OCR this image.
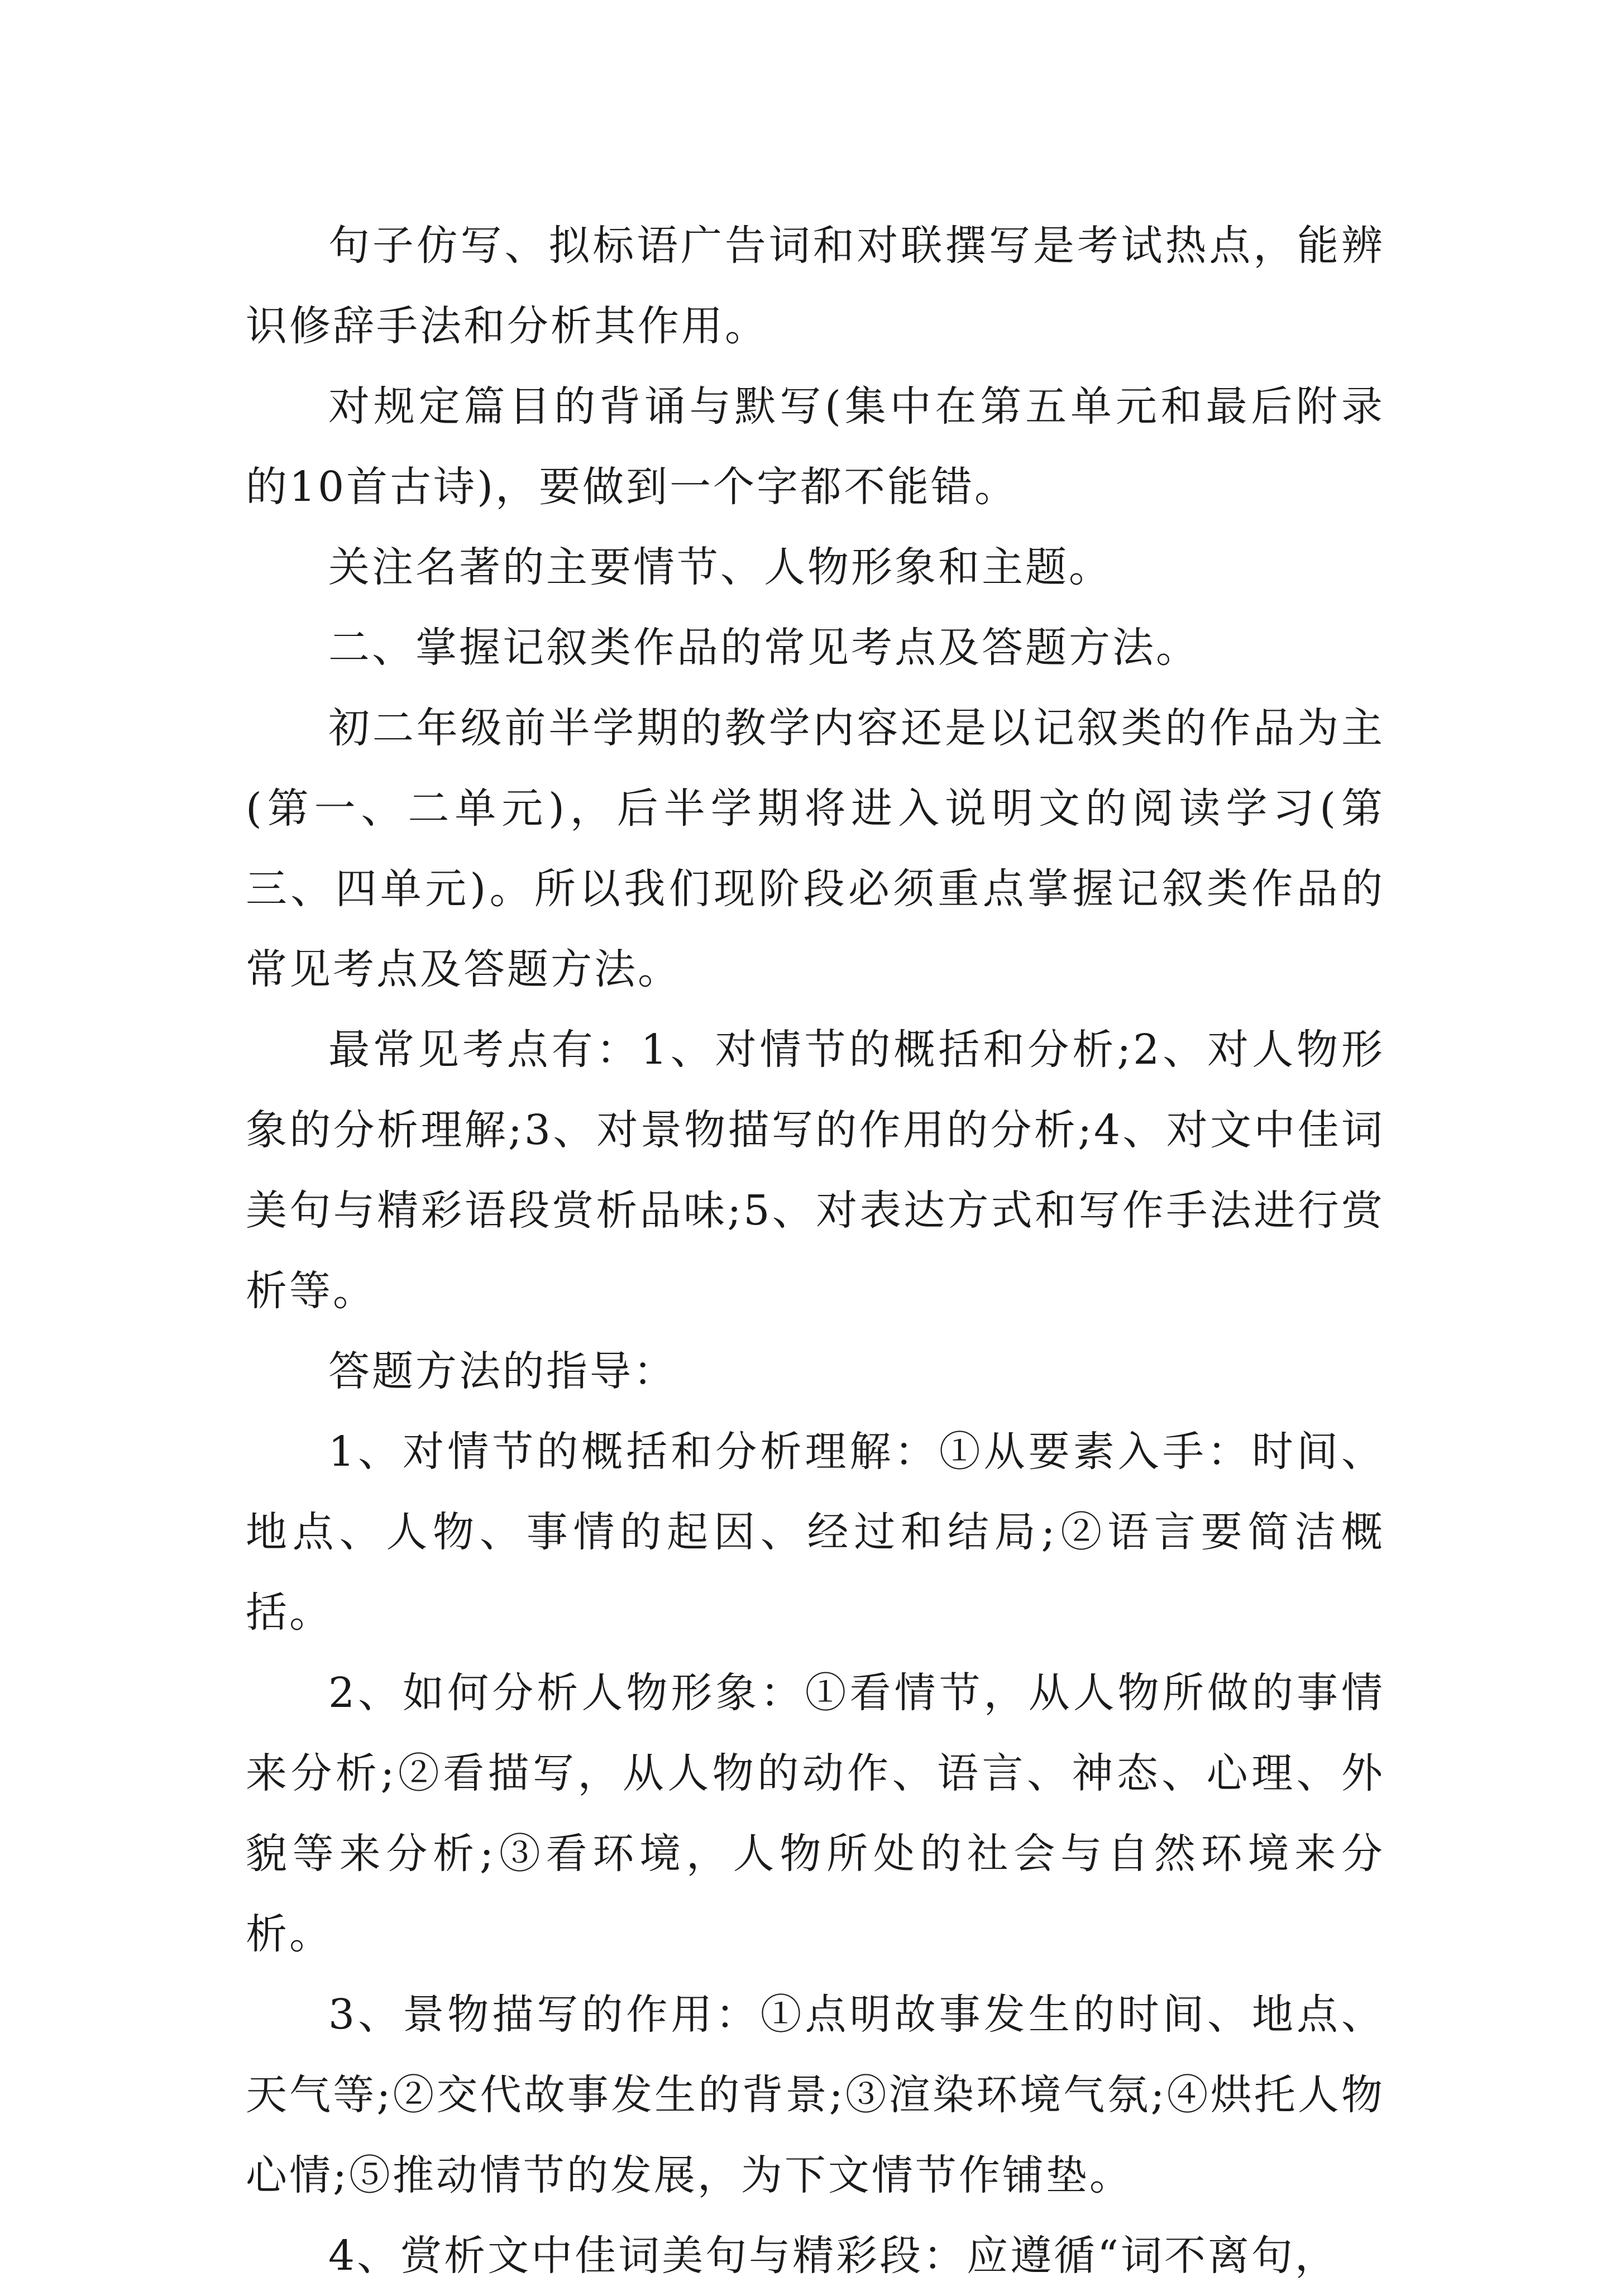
句子仿写、拟标语广告词和对联撰写是考试热点，能辨识修辞手法和分析其作用。

对规定篇目的背诵与默写(集中在第五单元和最后附录的10首古诗)，要做到一个字都不能错。

关注名著的主要情节、人物形象和主题。

二、掌握记叙类作品的常见考点及答题方法。

初二年级前半学期的教学内容还是以记叙类的作品为主(第一、二单元)，后半学期将进入说明文的阅读学习(第三、四单元)。所以我们现阶段必须重点掌握记叙类作品的常见考点及答题方法。

最常见考点有：1、对情节的概括和分析;2、对人物形象的分析理解;3、对景物描写的作用的分析;4、对文中佳词美句与精彩语段赏析品味;5、对表达方式和写作手法进行赏析等。

答题方法的指导：

1、对情节的概括和分析理解：①从要素入手：时间、地点、人物、事情的起因、经过和结局;②语言要简洁概括。

2、如何分析人物形象：①看情节，从人物所做的事情来分析;②看描写，从人物的动作、语言、神态、心理、外貌等来分析;③看环境，人物所处的社会与自然环境来分析。

3、景物描写的作用：①点明故事发生的时间、地点、天气等;②交代故事发生的背景;③渲染环境气氛;④烘托人物心情;⑤推动情节的发展，为下文情节作铺垫。

4、赏析文中佳词美句与精彩段：应遵循“词不离句，
